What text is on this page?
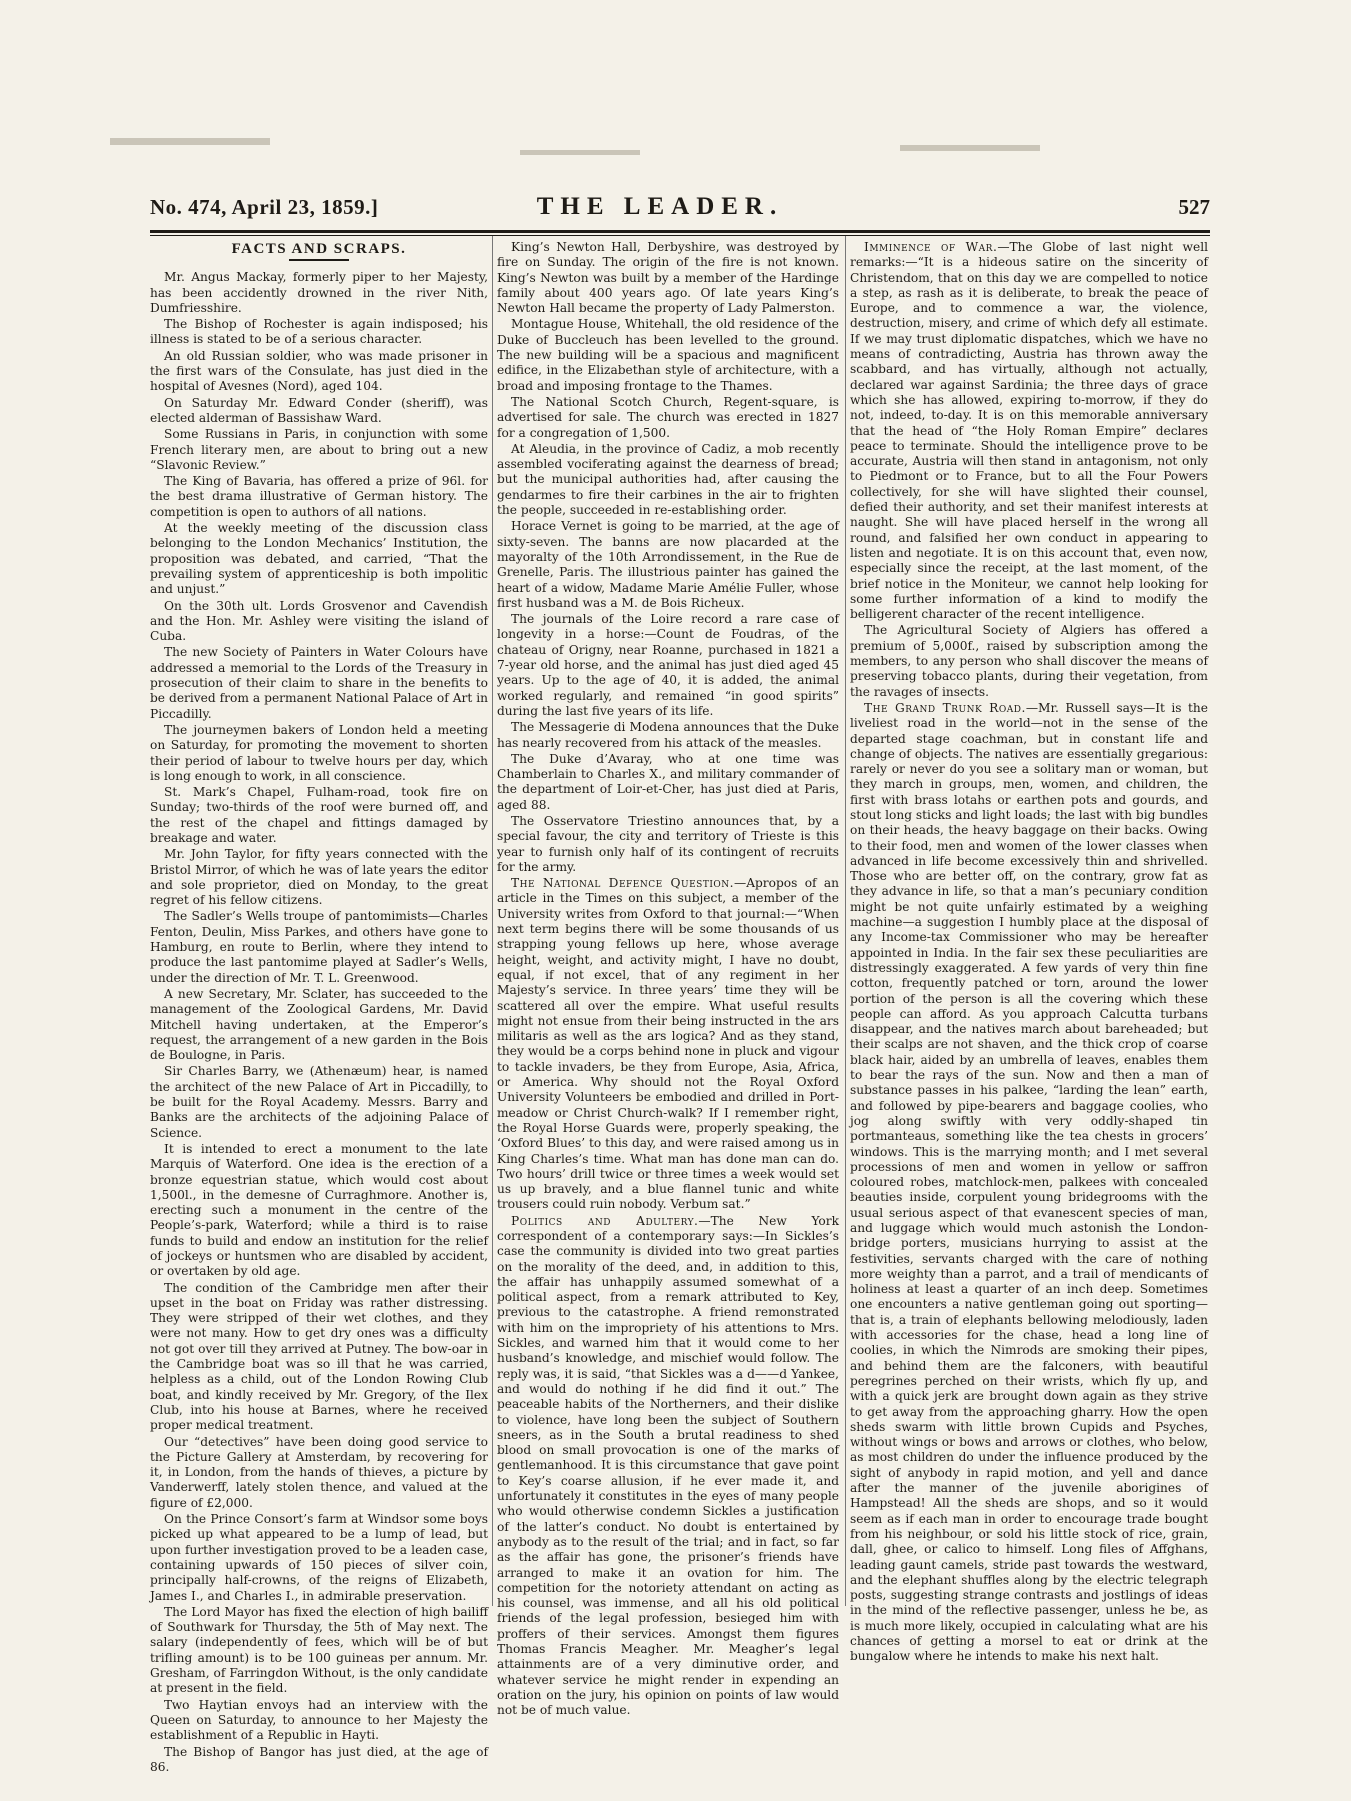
No. 474, April 23, 1859.]	THE LEADER.	527
FACTS AND SCRAPS.

Mr. Angus Mackay, formerly piper to her Majesty, has been accidently drowned in the river Nith, Dumfriesshire.

The Bishop of Rochester is again indisposed; his illness is stated to be of a serious character.

An old Russian soldier, who was made prisoner in the first wars of the Consulate, has just died in the hospital of Avesnes (Nord), aged 104.

On Saturday Mr. Edward Conder (sheriff), was elected alderman of Bassishaw Ward.

Some Russians in Paris, in conjunction with some French literary men, are about to bring out a new “Slavonic Review.”

The King of Bavaria, has offered a prize of 96l. for the best drama illustrative of German history. The competition is open to authors of all nations.

At the weekly meeting of the discussion class belonging to the London Mechanics’ Institution, the proposition was debated, and carried, “That the prevailing system of apprenticeship is both impolitic and unjust.”

On the 30th ult. Lords Grosvenor and Cavendish and the Hon. Mr. Ashley were visiting the island of Cuba.

The new Society of Painters in Water Colours have addressed a memorial to the Lords of the Treasury in prosecution of their claim to share in the benefits to be derived from a permanent National Palace of Art in Piccadilly.

The journeymen bakers of London held a meeting on Saturday, for promoting the movement to shorten their period of labour to twelve hours per day, which is long enough to work, in all conscience.

St. Mark’s Chapel, Fulham-road, took fire on Sunday; two-thirds of the roof were burned off, and the rest of the chapel and fittings damaged by breakage and water.

Mr. John Taylor, for fifty years connected with the Bristol Mirror, of which he was of late years the editor and sole proprietor, died on Monday, to the great regret of his fellow citizens.

The Sadler’s Wells troupe of pantomimists—Charles Fenton, Deulin, Miss Parkes, and others have gone to Hamburg, en route to Berlin, where they intend to produce the last pantomime played at Sadler’s Wells, under the direction of Mr. T. L. Greenwood.

A new Secretary, Mr. Sclater, has succeeded to the management of the Zoological Gardens, Mr. David Mitchell having undertaken, at the Emperor’s request, the arrangement of a new garden in the Bois de Boulogne, in Paris.

Sir Charles Barry, we (Athenæum) hear, is named the architect of the new Palace of Art in Piccadilly, to be built for the Royal Academy. Messrs. Barry and Banks are the architects of the adjoining Palace of Science.

It is intended to erect a monument to the late Marquis of Waterford. One idea is the erection of a bronze equestrian statue, which would cost about 1,500l., in the demesne of Curraghmore. Another is, erecting such a monument in the centre of the People’s-park, Waterford; while a third is to raise funds to build and endow an institution for the relief of jockeys or huntsmen who are disabled by accident, or overtaken by old age.

The condition of the Cambridge men after their upset in the boat on Friday was rather distressing. They were stripped of their wet clothes, and they were not many. How to get dry ones was a difficulty not got over till they arrived at Putney. The bow-oar in the Cambridge boat was so ill that he was carried, helpless as a child, out of the London Rowing Club boat, and kindly received by Mr. Gregory, of the Ilex Club, into his house at Barnes, where he received proper medical treatment.

Our “detectives” have been doing good service to the Picture Gallery at Amsterdam, by recovering for it, in London, from the hands of thieves, a picture by Vanderwerff, lately stolen thence, and valued at the figure of £2,000.

On the Prince Consort’s farm at Windsor some boys picked up what appeared to be a lump of lead, but upon further investigation proved to be a leaden case, containing upwards of 150 pieces of silver coin, principally half-crowns, of the reigns of Elizabeth, James I., and Charles I., in admirable preservation.

The Lord Mayor has fixed the election of high bailiff of Southwark for Thursday, the 5th of May next. The salary (independently of fees, which will be of but trifling amount) is to be 100 guineas per annum. Mr. Gresham, of Farringdon Without, is the only candidate at present in the field.

Two Haytian envoys had an interview with the Queen on Saturday, to announce to her Majesty the establishment of a Republic in Hayti.

The Bishop of Bangor has just died, at the age of 86.

King’s Newton Hall, Derbyshire, was destroyed by fire on Sunday. The origin of the fire is not known. King’s Newton was built by a member of the Hardinge family about 400 years ago. Of late years King’s Newton Hall became the property of Lady Palmerston.

Montague House, Whitehall, the old residence of the Duke of Buccleuch has been levelled to the ground. The new building will be a spacious and magnificent edifice, in the Elizabethan style of architecture, with a broad and imposing frontage to the Thames.

The National Scotch Church, Regent-square, is advertised for sale. The church was erected in 1827 for a congregation of 1,500.

At Aleudia, in the province of Cadiz, a mob recently assembled vociferating against the dearness of bread; but the municipal authorities had, after causing the gendarmes to fire their carbines in the air to frighten the people, succeeded in re-establishing order.

Horace Vernet is going to be married, at the age of sixty-seven. The banns are now placarded at the mayoralty of the 10th Arrondissement, in the Rue de Grenelle, Paris. The illustrious painter has gained the heart of a widow, Madame Marie Amélie Fuller, whose first husband was a M. de Bois Richeux.

The journals of the Loire record a rare case of longevity in a horse:—Count de Foudras, of the chateau of Origny, near Roanne, purchased in 1821 a 7-year old horse, and the animal has just died aged 45 years. Up to the age of 40, it is added, the animal worked regularly, and remained “in good spirits” during the last five years of its life.

The Messagerie di Modena announces that the Duke has nearly recovered from his attack of the measles.

The Duke d’Avaray, who at one time was Chamberlain to Charles X., and military commander of the department of Loir-et-Cher, has just died at Paris, aged 88.

The Osservatore Triestino announces that, by a special favour, the city and territory of Trieste is this year to furnish only half of its contingent of recruits for the army.

The National Defence Question.—Apropos of an article in the Times on this subject, a member of the University writes from Oxford to that journal:—“When next term begins there will be some thousands of us strapping young fellows up here, whose average height, weight, and activity might, I have no doubt, equal, if not excel, that of any regiment in her Majesty’s service. In three years’ time they will be scattered all over the empire. What useful results might not ensue from their being instructed in the ars militaris as well as the ars logica? And as they stand, they would be a corps behind none in pluck and vigour to tackle invaders, be they from Europe, Asia, Africa, or America. Why should not the Royal Oxford University Volunteers be embodied and drilled in Port-meadow or Christ Church-walk? If I remember right, the Royal Horse Guards were, properly speaking, the ‘Oxford Blues’ to this day, and were raised among us in King Charles’s time. What man has done man can do. Two hours’ drill twice or three times a week would set us up bravely, and a blue flannel tunic and white trousers could ruin nobody. Verbum sat.”

Politics and Adultery.—The New York correspondent of a contemporary says:—In Sickles’s case the community is divided into two great parties on the morality of the deed, and, in addition to this, the affair has unhappily assumed somewhat of a political aspect, from a remark attributed to Key, previous to the catastrophe. A friend remonstrated with him on the impropriety of his attentions to Mrs. Sickles, and warned him that it would come to her husband’s knowledge, and mischief would follow. The reply was, it is said, “that Sickles was a d——d Yankee, and would do nothing if he did find it out.” The peaceable habits of the Northerners, and their dislike to violence, have long been the subject of Southern sneers, as in the South a brutal readiness to shed blood on small provocation is one of the marks of gentlemanhood. It is this circumstance that gave point to Key’s coarse allusion, if he ever made it, and unfortunately it constitutes in the eyes of many people who would otherwise condemn Sickles a justification of the latter’s conduct. No doubt is entertained by anybody as to the result of the trial; and in fact, so far as the affair has gone, the prisoner’s friends have arranged to make it an ovation for him. The competition for the notoriety attendant on acting as his counsel, was immense, and all his old political friends of the legal profession, besieged him with proffers of their services. Amongst them figures Thomas Francis Meagher. Mr. Meagher’s legal attainments are of a very diminutive order, and whatever service he might render in expending an oration on the jury, his opinion on points of law would not be of much value.

Imminence of War.—The Globe of last night well remarks:—“It is a hideous satire on the sincerity of Christendom, that on this day we are compelled to notice a step, as rash as it is deliberate, to break the peace of Europe, and to commence a war, the violence, destruction, misery, and crime of which defy all estimate. If we may trust diplomatic dispatches, which we have no means of contradicting, Austria has thrown away the scabbard, and has virtually, although not actually, declared war against Sardinia; the three days of grace which she has allowed, expiring to-morrow, if they do not, indeed, to-day. It is on this memorable anniversary that the head of “the Holy Roman Empire” declares peace to terminate. Should the intelligence prove to be accurate, Austria will then stand in antagonism, not only to Piedmont or to France, but to all the Four Powers collectively, for she will have slighted their counsel, defied their authority, and set their manifest interests at naught. She will have placed herself in the wrong all round, and falsified her own conduct in appearing to listen and negotiate. It is on this account that, even now, especially since the receipt, at the last moment, of the brief notice in the Moniteur, we cannot help looking for some further information of a kind to modify the belligerent character of the recent intelligence.

The Agricultural Society of Algiers has offered a premium of 5,000f., raised by subscription among the members, to any person who shall discover the means of preserving tobacco plants, during their vegetation, from the ravages of insects.

The Grand Trunk Road.—Mr. Russell says—It is the liveliest road in the world—not in the sense of the departed stage coachman, but in constant life and change of objects. The natives are essentially gregarious: rarely or never do you see a solitary man or woman, but they march in groups, men, women, and children, the first with brass lotahs or earthen pots and gourds, and stout long sticks and light loads; the last with big bundles on their heads, the heavy baggage on their backs. Owing to their food, men and women of the lower classes when advanced in life become excessively thin and shrivelled. Those who are better off, on the contrary, grow fat as they advance in life, so that a man’s pecuniary condition might be not quite unfairly estimated by a weighing machine—a suggestion I humbly place at the disposal of any Income-tax Commissioner who may be hereafter appointed in India. In the fair sex these peculiarities are distressingly exaggerated. A few yards of very thin fine cotton, frequently patched or torn, around the lower portion of the person is all the covering which these people can afford. As you approach Calcutta turbans disappear, and the natives march about bareheaded; but their scalps are not shaven, and the thick crop of coarse black hair, aided by an umbrella of leaves, enables them to bear the rays of the sun. Now and then a man of substance passes in his palkee, “larding the lean” earth, and followed by pipe-bearers and baggage coolies, who jog along swiftly with very oddly-shaped tin portmanteaus, something like the tea chests in grocers’ windows. This is the marrying month; and I met several processions of men and women in yellow or saffron coloured robes, matchlock-men, palkees with concealed beauties inside, corpulent young bridegrooms with the usual serious aspect of that evanescent species of man, and luggage which would much astonish the London-bridge porters, musicians hurrying to assist at the festivities, servants charged with the care of nothing more weighty than a parrot, and a trail of mendicants of holiness at least a quarter of an inch deep. Sometimes one encounters a native gentleman going out sporting—that is, a train of elephants bellowing melodiously, laden with accessories for the chase, head a long line of coolies, in which the Nimrods are smoking their pipes, and behind them are the falconers, with beautiful peregrines perched on their wrists, which fly up, and with a quick jerk are brought down again as they strive to get away from the approaching gharry. How the open sheds swarm with little brown Cupids and Psyches, without wings or bows and arrows or clothes, who below, as most children do under the influence produced by the sight of anybody in rapid motion, and yell and dance after the manner of the juvenile aborigines of Hampstead! All the sheds are shops, and so it would seem as if each man in order to encourage trade bought from his neighbour, or sold his little stock of rice, grain, dall, ghee, or calico to himself. Long files of Affghans, leading gaunt camels, stride past towards the westward, and the elephant shuffles along by the electric telegraph posts, suggesting strange contrasts and jostlings of ideas in the mind of the reflective passenger, unless he be, as is much more likely, occupied in calculating what are his chances of getting a morsel to eat or drink at the bungalow where he intends to make his next halt.
